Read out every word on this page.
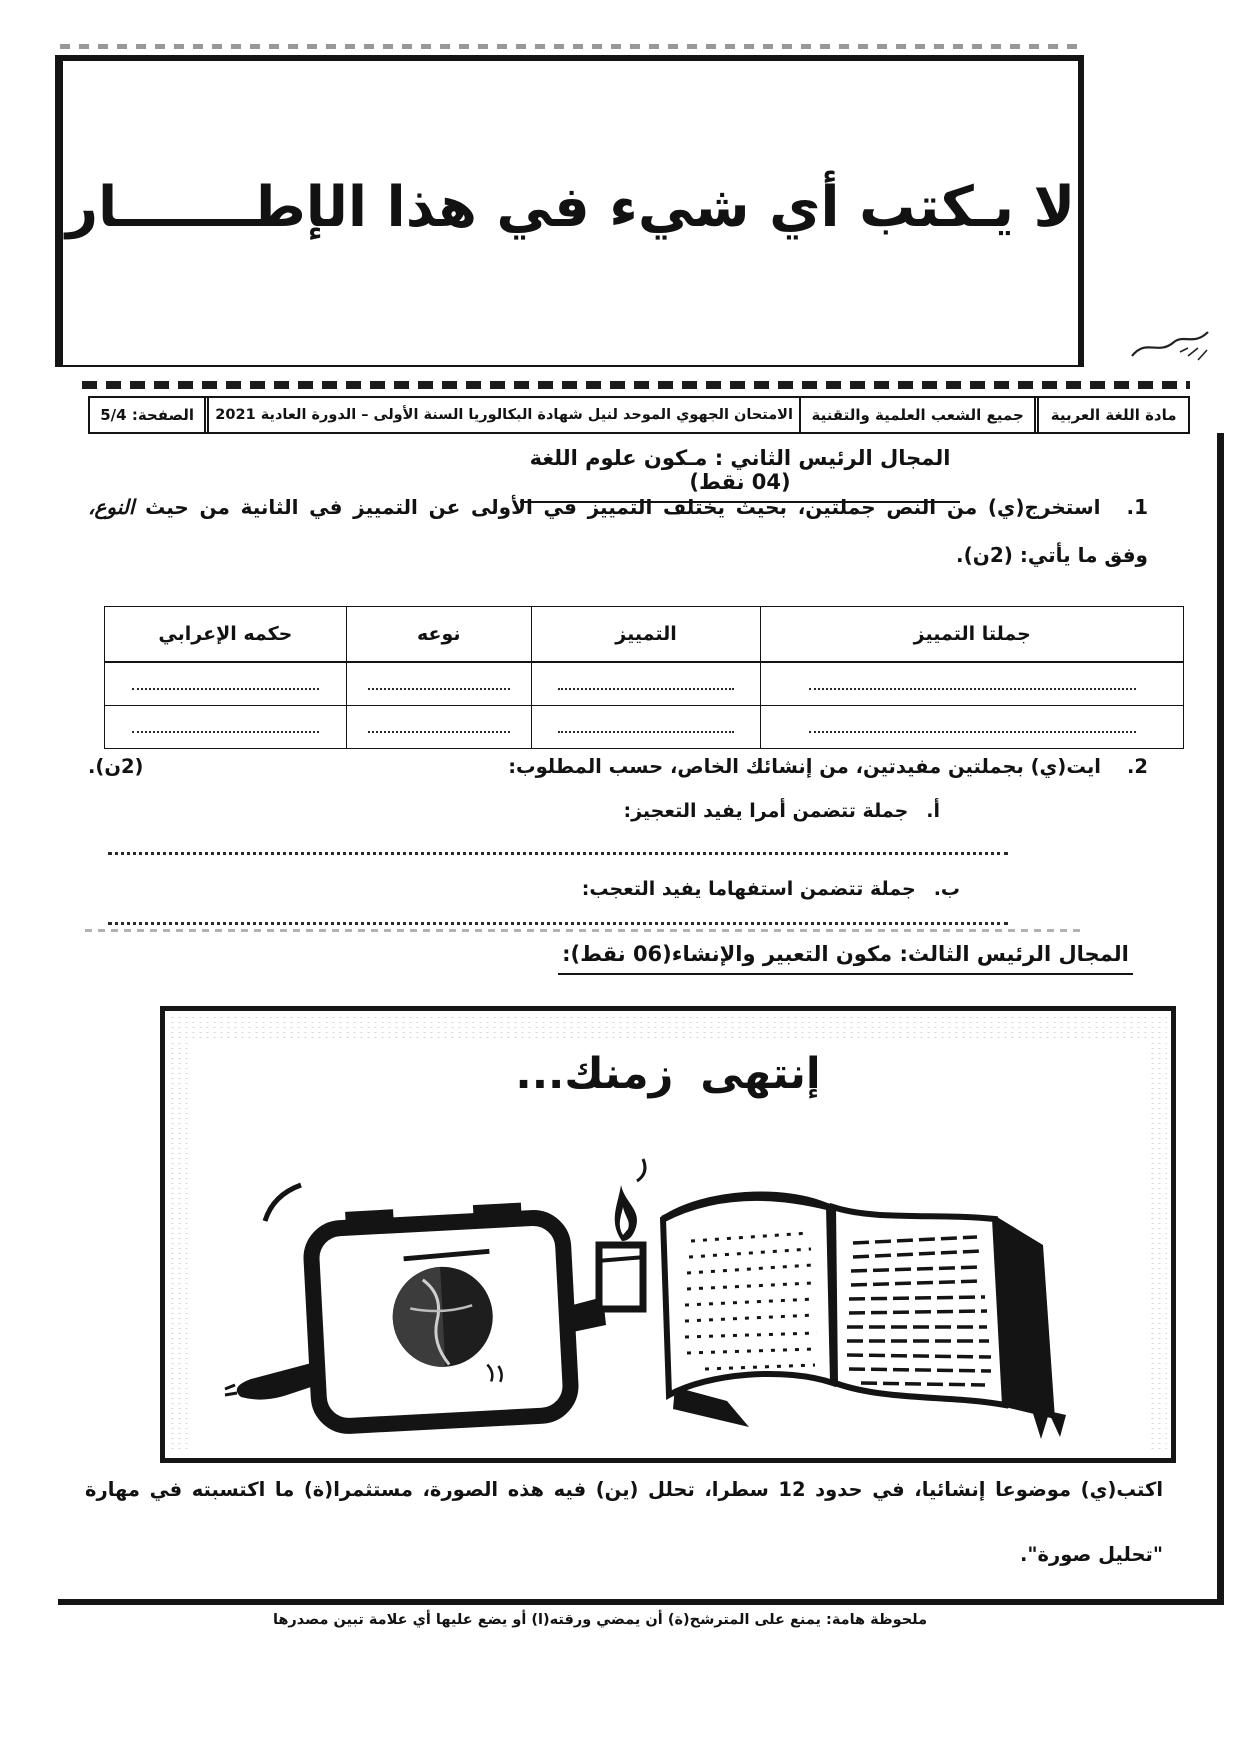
لا يـكتب أي شيء في هذا الإطـــــــار
مادة اللغة العربية
جميع الشعب العلمية والتقنية
الامتحان الجهوي الموحد لنيل شهادة البكالوريا السنة الأولى – الدورة العادية 2021
الصفحة: 5/4
المجال الرئيس الثاني : مـكون علوم اللغة (04 نقط)
1.استخرج(ي) من النص جملتين، بحيث يختلف التمييز في الأولى عن التمييز في الثانية من حيث النوع،
وفق ما يأتي: (2ن).
جملتا التمييز	التمييز	نوعه	حكمه الإعرابي

2.ايت(ي) بجملتين مفيدتين، من إنشائك الخاص، حسب المطلوب:
(2ن).
أ.جملة تتضمن أمرا يفيد التعجيز:
ب.جملة تتضمن استفهاما يفيد التعجب:
المجال الرئيس الثالث: مكون التعبير والإنشاء(06 نقط):
إنتهى زمنك...
اكتب(ي) موضوعا إنشائيا، في حدود 12 سطرا، تحلل (ين) فيه هذه الصورة، مستثمرا(ة) ما اكتسبته في مهارة
"تحليل صورة".
ملحوظة هامة: يمنع على المترشح(ة) أن يمضي ورقته(ا) أو يضع عليها أي علامة تبين مصدرها
